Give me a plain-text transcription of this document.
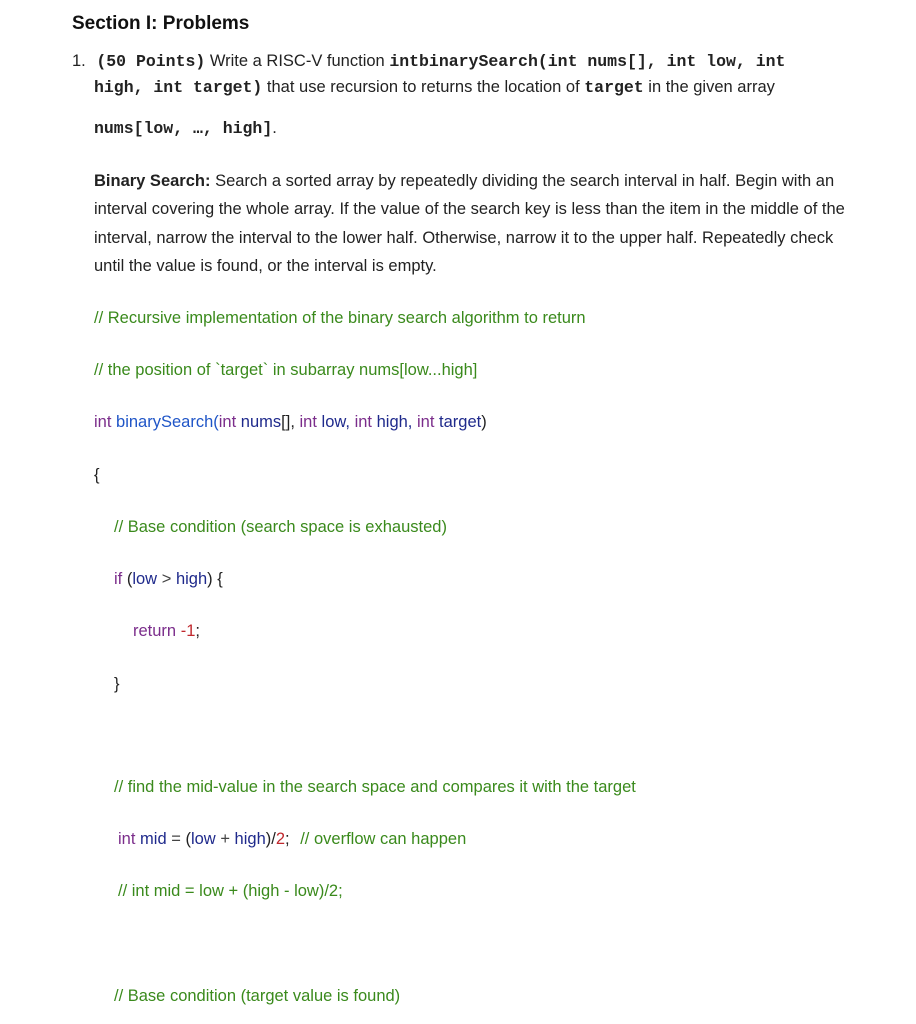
Section I: Problems
1. (50 Points) Write a RISC-V function intbinarySearch(int nums[], int low, int
high, int target) that use recursion to returns the location of target in the given array
nums[low, …, high].
Binary Search: Search a sorted array by repeatedly dividing the search interval in half. Begin with an interval covering the whole array. If the value of the search key is less than the item in the middle of the interval, narrow the interval to the lower half. Otherwise, narrow it to the upper half. Repeatedly check until the value is found, or the interval is empty.
// Recursive implementation of the binary search algorithm to return
// the position of `target` in subarray nums[low...high]
int binarySearch(int nums[], int low, int high, int target)
{
// Base condition (search space is exhausted)
if (low > high) {
return -1;
}
// find the mid-value in the search space and compares it with the target
int mid = (low + high)/2; // overflow can happen
// int mid = low + (high - low)/2;
// Base condition (target value is found)
